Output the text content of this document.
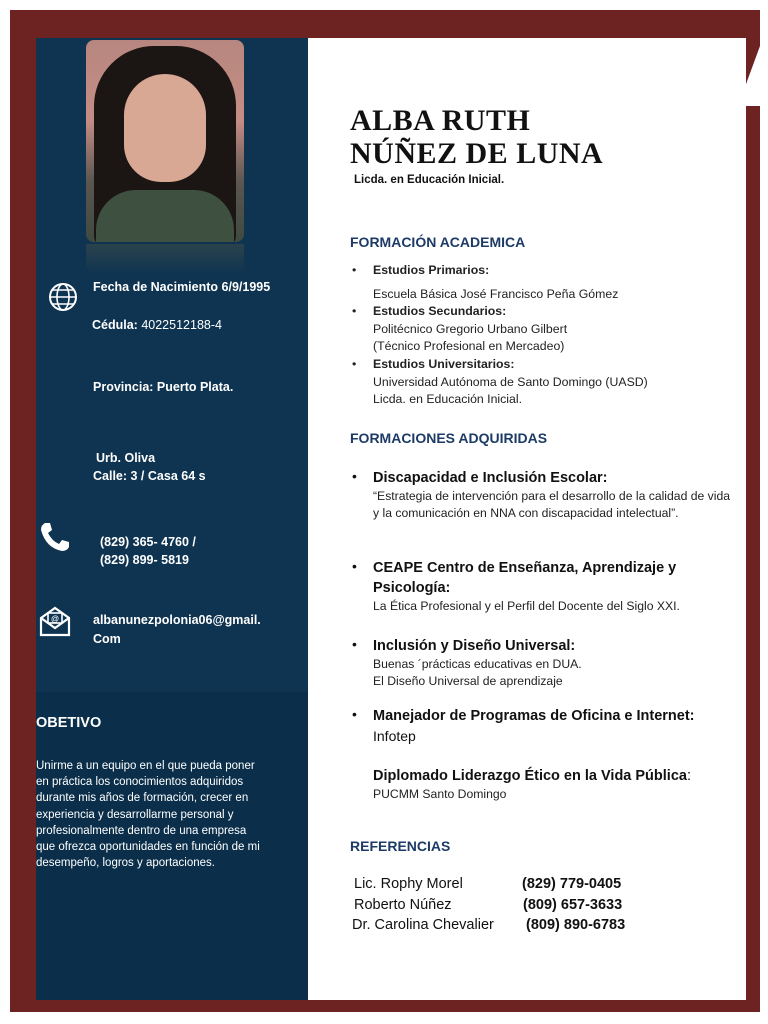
Fecha de Nacimiento 6/9/1995
Cédula: 4022512188-4
Provincia: Puerto Plata.
Urb. Oliva
Calle: 3 / Casa 64 s
(829) 365- 4760 /
(829) 899- 5819
@	albanunezpolonia06@gmail.
Com
OBETIVO
Unirme a un equipo en el que pueda poner en práctica los conocimientos adquiridos durante mis años de formación, crecer en experiencia y desarrollarme personal y profesionalmente dentro de una empresa que ofrezca oportunidades en función de mi desempeño, logros y aportaciones.
ALBA RUTH
NÚÑEZ DE LUNA
Licda. en Educación Inicial.
FORMACIÓN ACADEMICA
• Estudios Primarios:
Escuela Básica José Francisco Peña Gómez
• Estudios Secundarios:
Politécnico Gregorio Urbano Gilbert
(Técnico Profesional en Mercadeo)
• Estudios Universitarios:
Universidad Autónoma de Santo Domingo (UASD)
Licda. en Educación Inicial.
FORMACIONES ADQUIRIDAS
•	Discapacidad e Inclusión Escolar:
“Estrategia de intervención para el desarrollo de la calidad de vida y la comunicación en NNA con discapacidad intelectual”.
•	CEAPE Centro de Enseñanza, Aprendizaje y Psicología:
La Ética Profesional y el Perfil del Docente del Siglo XXI.
•	Inclusión y Diseño Universal:
Buenas ´prácticas educativas en DUA.
El Diseño Universal de aprendizaje
•	Manejador de Programas de Oficina e Internet:
Infotep
Diplomado Liderazgo Ético en la Vida Pública:
PUCMM Santo Domingo
REFERENCIAS
Lic. Rophy Morel	(829) 779-0405
Roberto Núñez	(809) 657-3633
Dr. Carolina Chevalier (809) 890-6783
